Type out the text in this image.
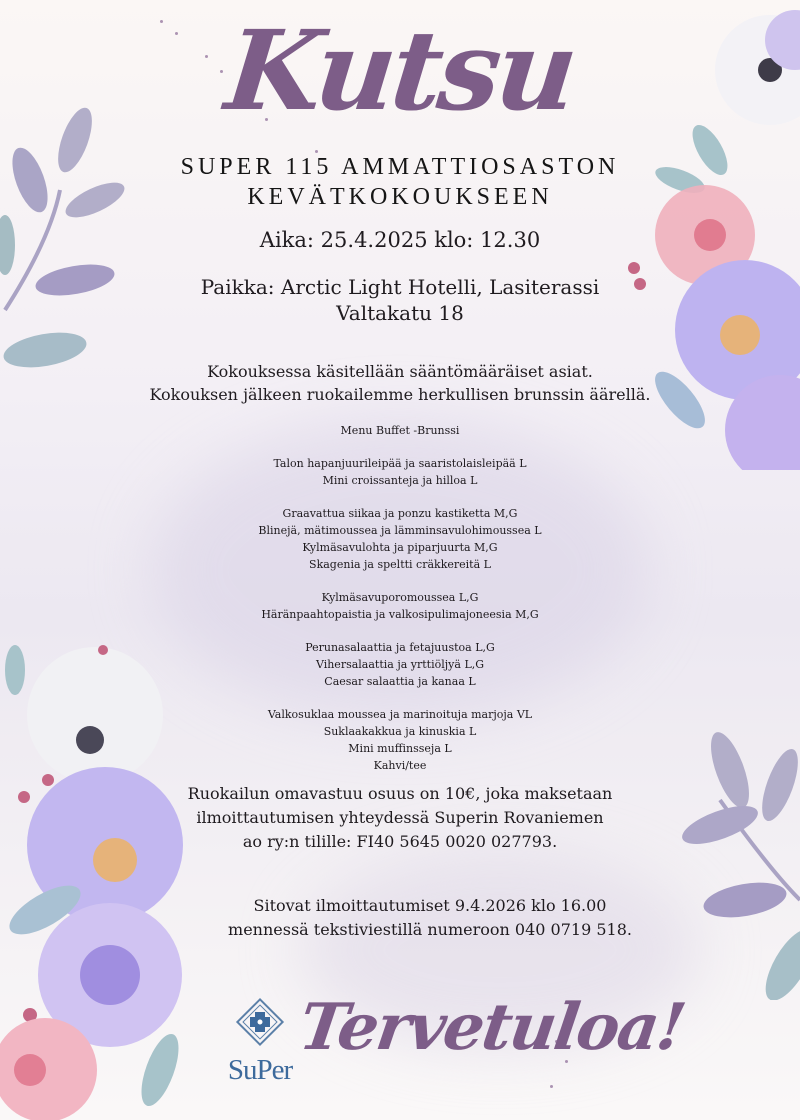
Kutsu
SUPER 115 AMMATTIOSASTON
KEVÄTKOKOUKSEEN
Aika: 25.4.2025 klo: 12.30
Paikka: Arctic Light Hotelli, Lasiterassi
Valtakatu 18
Kokouksessa käsitellään sääntömääräiset asiat.
Kokouksen jälkeen ruokailemme herkullisen brunssin äärellä.
Menu Buffet -Brunssi
Talon hapanjuurileipää ja saaristolaisleipää L
Mini croissanteja ja hilloa L
Graavattua siikaa ja ponzu kastiketta M,G
Blinejä, mätimoussea ja lämminsavulohimoussea L
Kylmäsavulohta ja piparjuurta M,G
Skagenia ja speltti cräkkereitä L
Kylmäsavuporomoussea L,G
Häränpaahtopaistia ja valkosipulimajoneesia M,G
Perunasalaattia ja fetajuustoa L,G
Vihersalaattia ja yrttiöljyä L,G
Caesar salaattia ja kanaa L
Valkosuklaa moussea ja marinoituja marjoja VL
Suklaakakkua ja kinuskia L
Mini muffinsseja L
Kahvi/tee
Ruokailun omavastuu osuus on 10€, joka maksetaan
ilmoittautumisen yhteydessä Superin Rovaniemen
ao ry:n tilille: FI40 5645 0020 027793.
Sitovat ilmoittautumiset 9.4.2026 klo 16.00
mennessä tekstiviestillä numeroon 040 0719 518.
SuPer
Tervetuloa!
